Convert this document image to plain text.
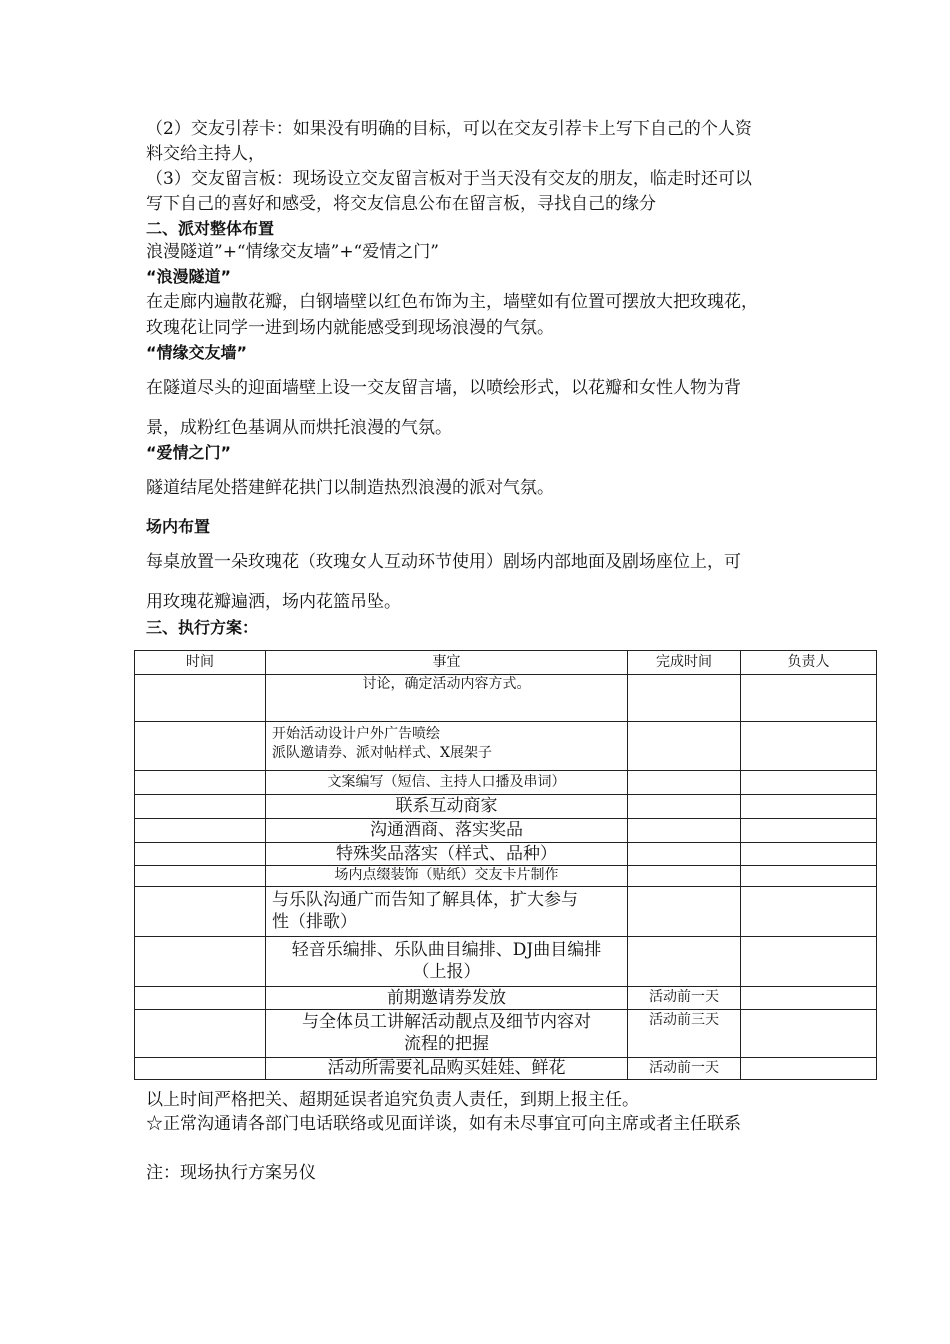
（2）交友引荐卡：如果没有明确的目标，可以在交友引荐卡上写下自己的个人资
料交给主持人，
（3）交友留言板：现场设立交友留言板对于当天没有交友的朋友，临走时还可以
写下自己的喜好和感受，将交友信息公布在留言板，寻找自己的缘分
二、派对整体布置
浪漫隧道”+“情缘交友墙”+“爱情之门”
“浪漫隧道”
在走廊内遍散花瓣，白钢墙壁以红色布饰为主，墙壁如有位置可摆放大把玫瑰花，
玫瑰花让同学一进到场内就能感受到现场浪漫的气氛。
“情缘交友墙”
在隧道尽头的迎面墙壁上设一交友留言墙，以喷绘形式，以花瓣和女性人物为背
景，成粉红色基调从而烘托浪漫的气氛。
“爱情之门”
隧道结尾处搭建鲜花拱门以制造热烈浪漫的派对气氛。
场内布置
每桌放置一朵玫瑰花（玫瑰女人互动环节使用）剧场内部地面及剧场座位上，可
用玫瑰花瓣遍洒，场内花篮吊坠。
三、执行方案：
时间	事宜	完成时间	负责人
	讨论，确定活动内容方式。		

	开始活动设计户外广告喷绘
派队邀请券、派对帖样式、X展架子		

	文案编写（短信、主持人口播及串词）		
	联系互动商家		
	沟通酒商、落实奖品		
	特殊奖品落实（样式、品种）		
	场内点缀装饰（贴纸）交友卡片制作		

	与乐队沟通广而告知了解具体，扩大参与
性（排歌）		

	轻音乐编排、乐队曲目编排、DJ曲目编排
（上报）		

	前期邀请券发放	活动前一天	

	与全体员工讲解活动靓点及细节内容对
流程的把握	活动前三天	
	活动所需要礼品购买娃娃、鲜花	活动前一天	
以上时间严格把关、超期延误者追究负责人责任，到期上报主任。
☆正常沟通请各部门电话联络或见面详谈，如有未尽事宜可向主席或者主任联系
注：现场执行方案另仪
